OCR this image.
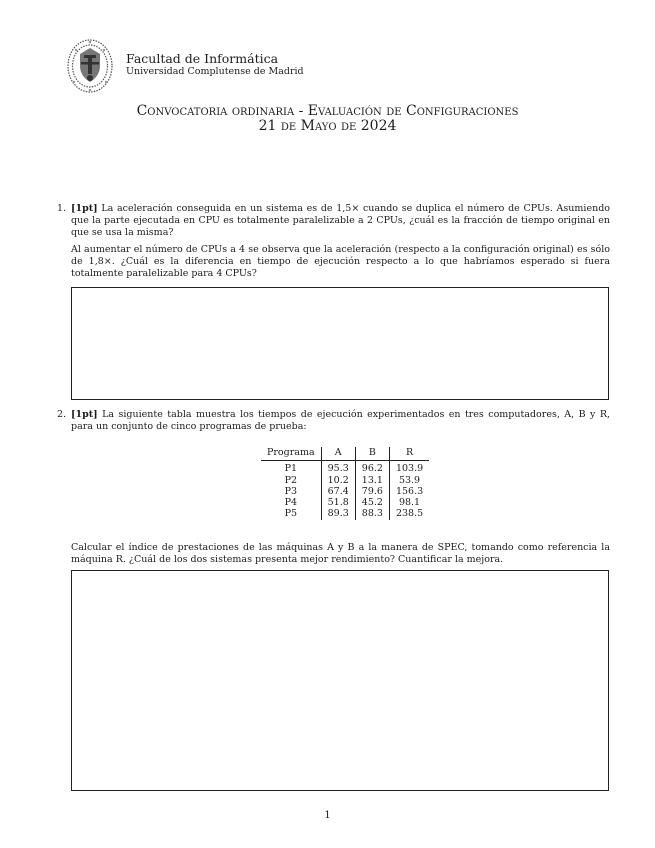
Facultad de Informática
Universidad Complutense de Madrid
Convocatoria ordinaria - Evaluación de Configuraciones
21 de Mayo de 2024
1. [1pt] La aceleración conseguida en un sistema es de 1,5× cuando se duplica el número de CPUs. Asumiendo que la parte ejecutada en CPU es totalmente paralelizable a 2 CPUs, ¿cuál es la fracción de tiempo original en que se usa la misma?

Al aumentar el número de CPUs a 4 se observa que la aceleración (respecto a la configuración original) es sólo de 1,8×. ¿Cuál es la diferencia en tiempo de ejecución respecto a lo que habríamos esperado si fuera totalmente paralelizable para 4 CPUs?

2. [1pt] La siguiente tabla muestra los tiempos de ejecución experimentados en tres computadores, A, B y R, para un conjunto de cinco programas de prueba:

Programa	A	B	R
P1	95.3	96.2	103.9
P2	10.2	13.1	53.9
P3	67.4	79.6	156.3
P4	51.8	45.2	98.1
P5	89.3	88.3	238.5

Calcular el índice de prestaciones de las máquinas A y B a la manera de SPEC, tomando como referencia la máquina R. ¿Cuál de los dos sistemas presenta mejor rendimiento? Cuantificar la mejora.

1
